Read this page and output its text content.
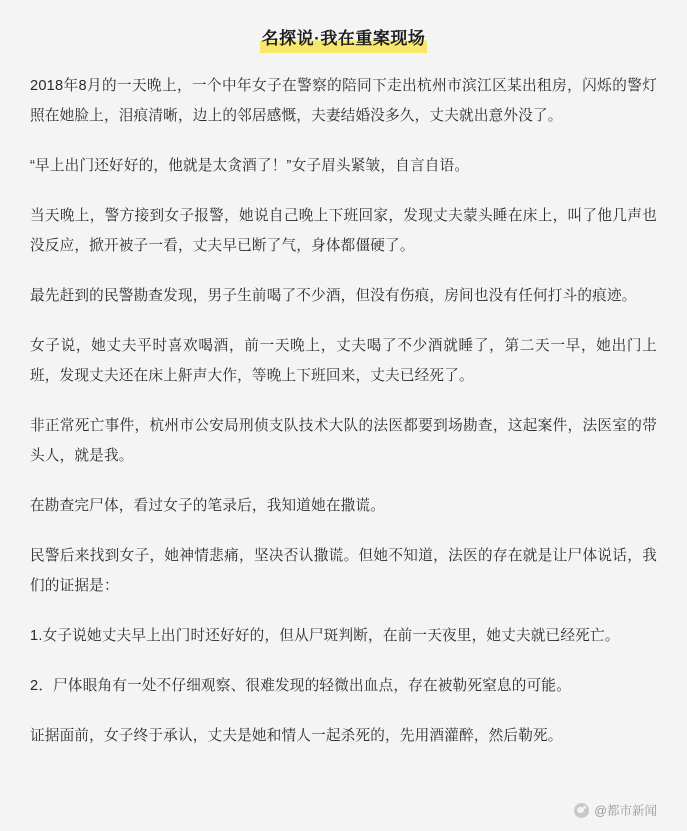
名探说·我在重案现场

2018年8月的一天晚上，一个中年女子在警察的陪同下走出杭州市滨江区某出租房，闪烁的警灯照在她脸上，泪痕清晰，边上的邻居感慨，夫妻结婚没多久，丈夫就出意外没了。

“早上出门还好好的，他就是太贪酒了！”女子眉头紧皱，自言自语。

当天晚上，警方接到女子报警，她说自己晚上下班回家，发现丈夫蒙头睡在床上，叫了他几声也没反应，掀开被子一看，丈夫早已断了气，身体都僵硬了。

最先赶到的民警勘查发现，男子生前喝了不少酒，但没有伤痕，房间也没有任何打斗的痕迹。

女子说，她丈夫平时喜欢喝酒，前一天晚上，丈夫喝了不少酒就睡了，第二天一早，她出门上班，发现丈夫还在床上鼾声大作，等晚上下班回来，丈夫已经死了。

非正常死亡事件，杭州市公安局刑侦支队技术大队的法医都要到场勘查，这起案件，法医室的带头人，就是我。

在勘查完尸体，看过女子的笔录后，我知道她在撒谎。

民警后来找到女子，她神情悲痛，坚决否认撒谎。但她不知道，法医的存在就是让尸体说话，我们的证据是：

1.女子说她丈夫早上出门时还好好的，但从尸斑判断，在前一天夜里，她丈夫就已经死亡。

2．尸体眼角有一处不仔细观察、很难发现的轻微出血点，存在被勒死窒息的可能。

证据面前，女子终于承认，丈夫是她和情人一起杀死的，先用酒灌醉，然后勒死。

@都市新闻
